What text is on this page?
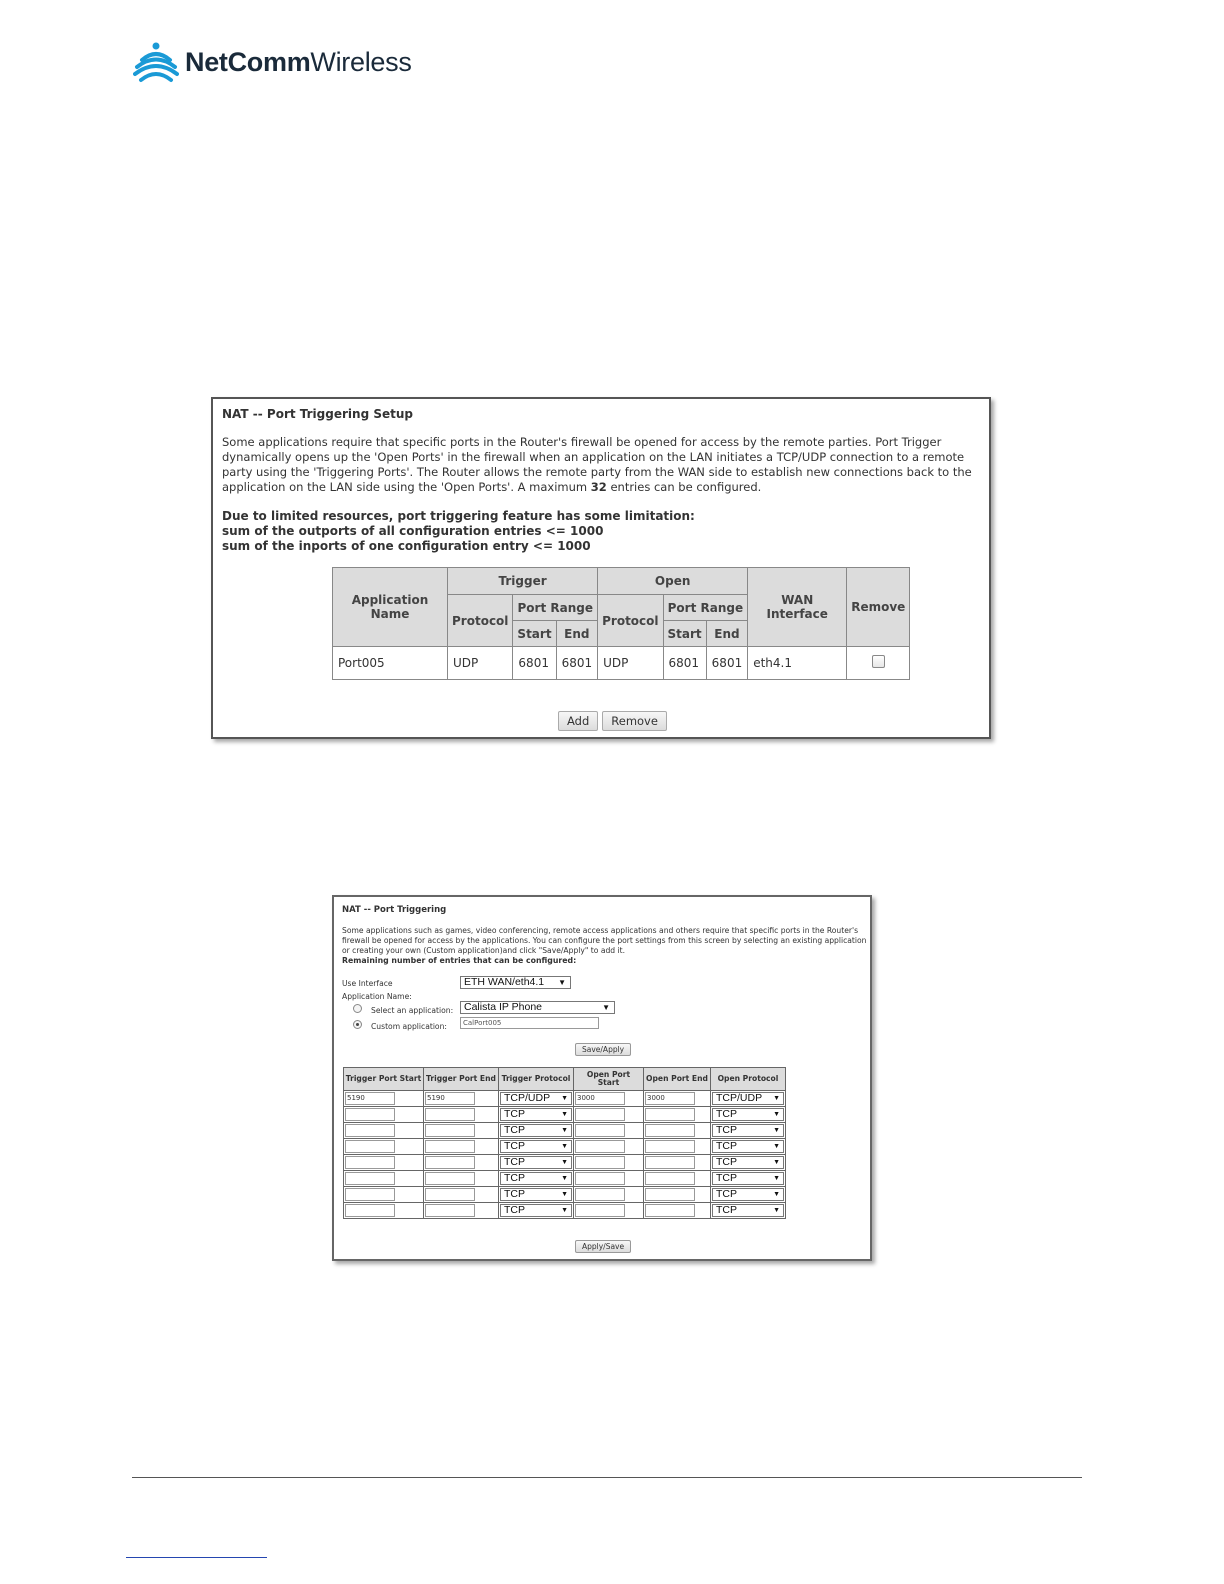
NetCommWireless
NAT -- Port Triggering Setup
Some applications require that specific ports in the Router's firewall be opened for access by the remote parties. Port Trigger dynamically opens up the 'Open Ports' in the firewall when an application on the LAN initiates a TCP/UDP connection to a remote party using the 'Triggering Ports'. The Router allows the remote party from the WAN side to establish new connections back to the application on the LAN side using the 'Open Ports'. A maximum 32 entries can be configured.
Due to limited resources, port triggering feature has some limitation:
sum of the outports of all configuration entries <= 1000
sum of the inports of one configuration entry <= 1000
Application Name	Trigger			Open			WAN Interface	Remove
	Protocol	Port Range		Protocol	Port Range			
		Start	End		Start	End		
Port005	UDP	6801	6801	UDP	6801	6801	eth4.1	
Add	Remove
NAT -- Port Triggering
Some applications such as games, video conferencing, remote access applications and others require that specific ports in the Router's firewall be opened for access by the applications. You can configure the port settings from this screen by selecting an existing application or creating your own (Custom application)and click "Save/Apply" to add it.
Remaining number of entries that can be configured:
Use Interface	ETH WAN/eth4.1 ▼
Application Name:
Select an application:	Calista IP Phone	▼
Custom application:	CalPort005
Save/Apply
Trigger Port Start	Trigger Port End	Trigger Protocol	Open Port Start	Open Port End	Open Protocol

5190	5190	TCP/UDP ▼	3000	3000	TCP/UDP ▼

		TCP ▼			TCP ▼

		TCP ▼			TCP ▼

		TCP ▼			TCP ▼

		TCP ▼			TCP ▼

		TCP ▼			TCP ▼

		TCP ▼			TCP ▼

		TCP ▼			TCP ▼
Apply/Save
